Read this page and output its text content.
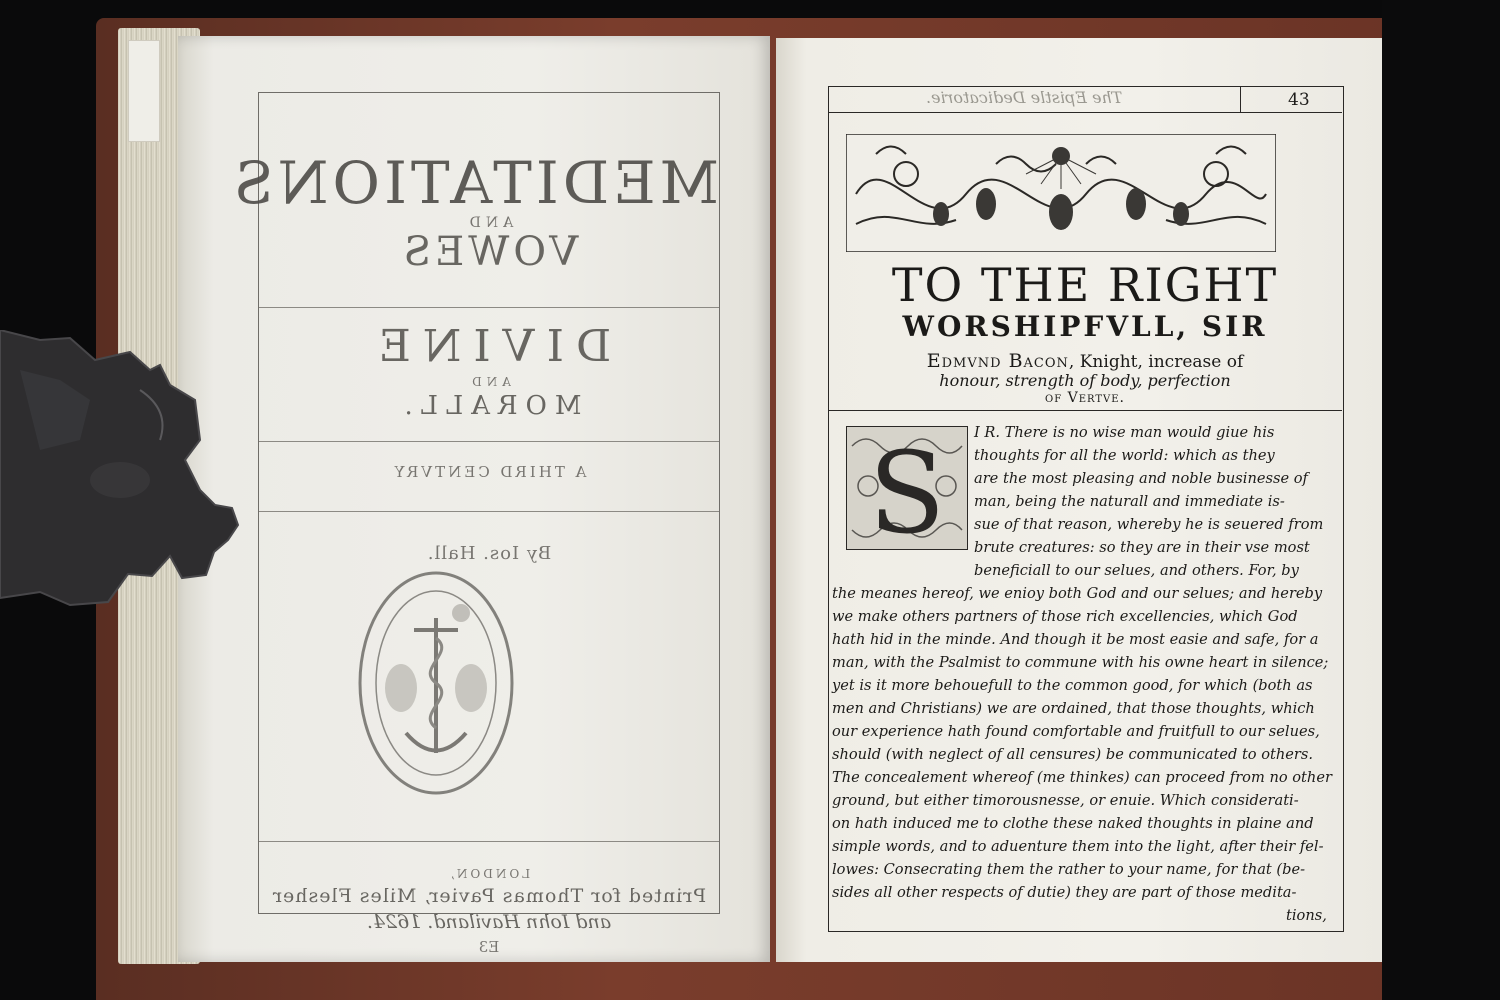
MEDITATIONS
AND
VOWES
DIVINE
AND
MORALL.
A THIRD CENTVRY
By Ios. Hall.
LONDON,
Printed for Thomas Pavier, Miles Flesher
and Iohn Haviland. 1624.
E3
The Epistle Dedicatorie.	43
TO THE RIGHT
WORSHIPFVLL, SIR
Edmvnd Bacon, Knight, increase of
honour, strength of body, perfection
of Vertve.
S I R. There is no wise man would giue his
thoughts for all the world: which as they
are the most pleasing and noble businesse of
man, being the naturall and immediate is-
sue of that reason, whereby he is seuered from
brute creatures: so they are in their vse most
beneficiall to our selues, and others. For, by
the meanes hereof, we enioy both God and our selues; and hereby
we make others partners of those rich excellencies, which God
hath hid in the minde. And though it be most easie and safe, for a
man, with the Psalmist to commune with his owne heart in silence;
yet is it more behouefull to the common good, for which (both as
men and Christians) we are ordained, that those thoughts, which
our experience hath found comfortable and fruitfull to our selues,
should (with neglect of all censures) be communicated to others.
The concealement whereof (me thinkes) can proceed from no other
ground, but either timorousnesse, or enuie. Which considerati-
on hath induced me to clothe these naked thoughts in plaine and
simple words, and to aduenture them into the light, after their fel-
lowes: Consecrating them the rather to your name, for that (be-
sides all other respects of dutie) they are part of those medita-
tions,
